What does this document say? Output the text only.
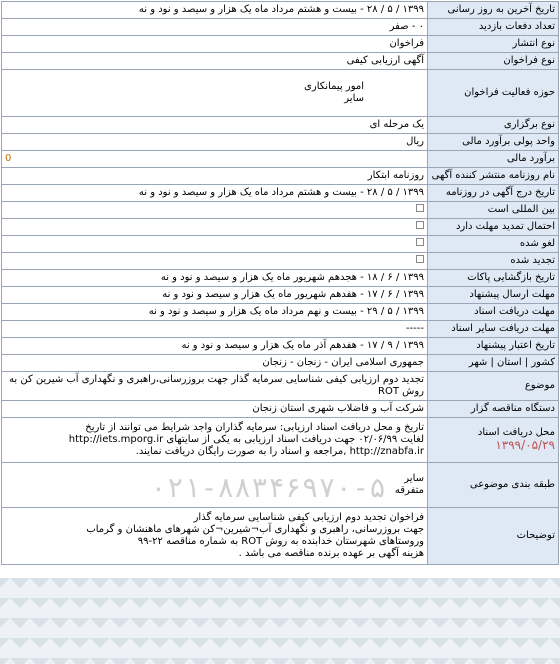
تاریخ آخرین به روز رسانی	۱۳۹۹ / ۵ / ۲۸ - بیست و هشتم مرداد ماه یک هزار و سیصد و نود و نه
تعداد دفعات بازدید	۰ - صفر
نوع انتشار	فراخوان
نوع فراخوان	آگهی ارزیابی کیفی
حوزه فعالیت فراخوان	امور پیمانکاری
سایر

نوع برگزاری	یک مرحله ای
واحد پولی برآورد مالی	ریال
برآورد مالی	0
نام روزنامه منتشر کننده آگهی	روزنامه ابتکار
تاریخ درج آگهی در روزنامه	۱۳۹۹ / ۵ / ۲۸ - بیست و هشتم مرداد ماه یک هزار و سیصد و نود و نه
بین المللی است	
احتمال تمدید مهلت دارد	
لغو شده	
تجدید شده	
تاریخ بازگشایی پاکات	۱۳۹۹ / ۶ / ۱۸ - هجدهم شهریور ماه یک هزار و سیصد و نود و نه
مهلت ارسال پیشنهاد	۱۳۹۹ / ۶ / ۱۷ - هفدهم شهریور ماه یک هزار و سیصد و نود و نه
مهلت دریافت اسناد	۱۳۹۹ / ۵ / ۲۹ - بیست و نهم مرداد ماه یک هزار و سیصد و نود و نه
مهلت دریافت سایر اسناد	-----
تاریخ اعتبار پیشنهاد	۱۳۹۹ / ۹ / ۱۷ - هفدهم آذر ماه یک هزار و سیصد و نود و نه
کشور | استان | شهر	جمهوری اسلامی ایران - زنجان - زنجان
موضوع	تجدید دوم ارزیابی کیفی شناسایی سرمایه گذار جهت بروزرسانی،راهبری و نگهداری آب شیرین کن به روش ROT
دستگاه مناقصه گزار	شرکت آب و فاضلاب شهری استان زنجان
محل دریافت اسناد ۱۳۹۹/۰۵/۲۹	تاریخ و محل دریافت اسناد ارزیابی: سرمایه گذاران واجد شرایط می توانند از تاریخ
لغایت ۰۲/۰۶/۹۹ جهت دریافت اسناد ارزیابی به یکی از سایتهای http://iets.mporg.ir
http://znabfa.ir ,مراجعه و اسناد را به صورت رایگان دریافت نمایند.

طبقه بندی موضوعی	سایر
متفرقه

توضیحات	فراخوان تجدید دوم ارزیابی کیفی شناسایی سرمایه گذار
جهت بروزرسانی، راهبری و نگهداری آب¬شیرین¬کن شهرهای ماهنشان و گرماب
وروستاهای شهرستان خدابنده به روش ROT به شماره مناقصه ۲۲-۹۹
هزینه آگهی بر عهده برنده مناقصه می باشد .
۰۲۱-۸۸۳۴۶۹۷۰-۵
